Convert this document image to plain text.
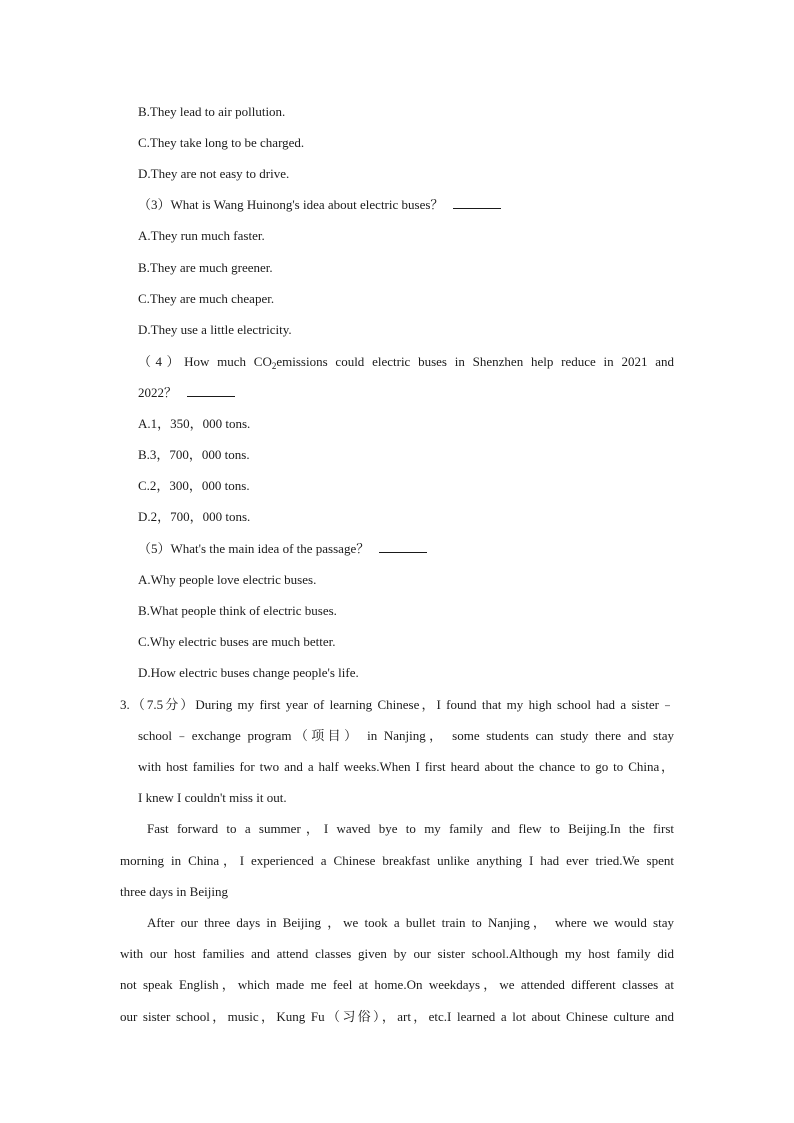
B.They lead to air pollution.
C.They take long to be charged.
D.They are not easy to drive.
（3）What is Wang Huinong's idea about electric buses？
A.They run much faster.
B.They are much greener.
C.They are much cheaper.
D.They use a little electricity.
（4）How much $CO_2emissions$ could electric buses in Shenzhen help reduce in 2021 and
2022？
A.1，350，000 tons.
B.3，700，000 tons.
C.2，300，000 tons.
D.2，700，000 tons.
（5）What's the main idea of the passage？
A.Why people love electric buses.
B.What people think of electric buses.
C.Why electric buses are much better.
D.How electric buses change people's life.
3.（7.5分）During my first year of learning Chinese，I found that my high school had a sister﹣
school﹣exchange program（项目） in Nanjing， some students can study there and stay
with host families for two and a half weeks.When I first heard about the chance to go to China，
I knew I couldn't miss it out.
Fast forward to a summer，I waved bye to my family and flew to Beijing.In the first
morning in China，I experienced a Chinese breakfast unlike anything I had ever tried.We spent
three days in Beijing
After our three days in Beijing ，we took a bullet train to Nanjing， where we would stay
with our host families and attend classes given by our sister school.Although my host family did
not speak English，which made me feel at home.On weekdays，we attended different classes at
our sister school，music，Kung Fu（习俗），art，etc.I learned a lot about Chinese culture and
